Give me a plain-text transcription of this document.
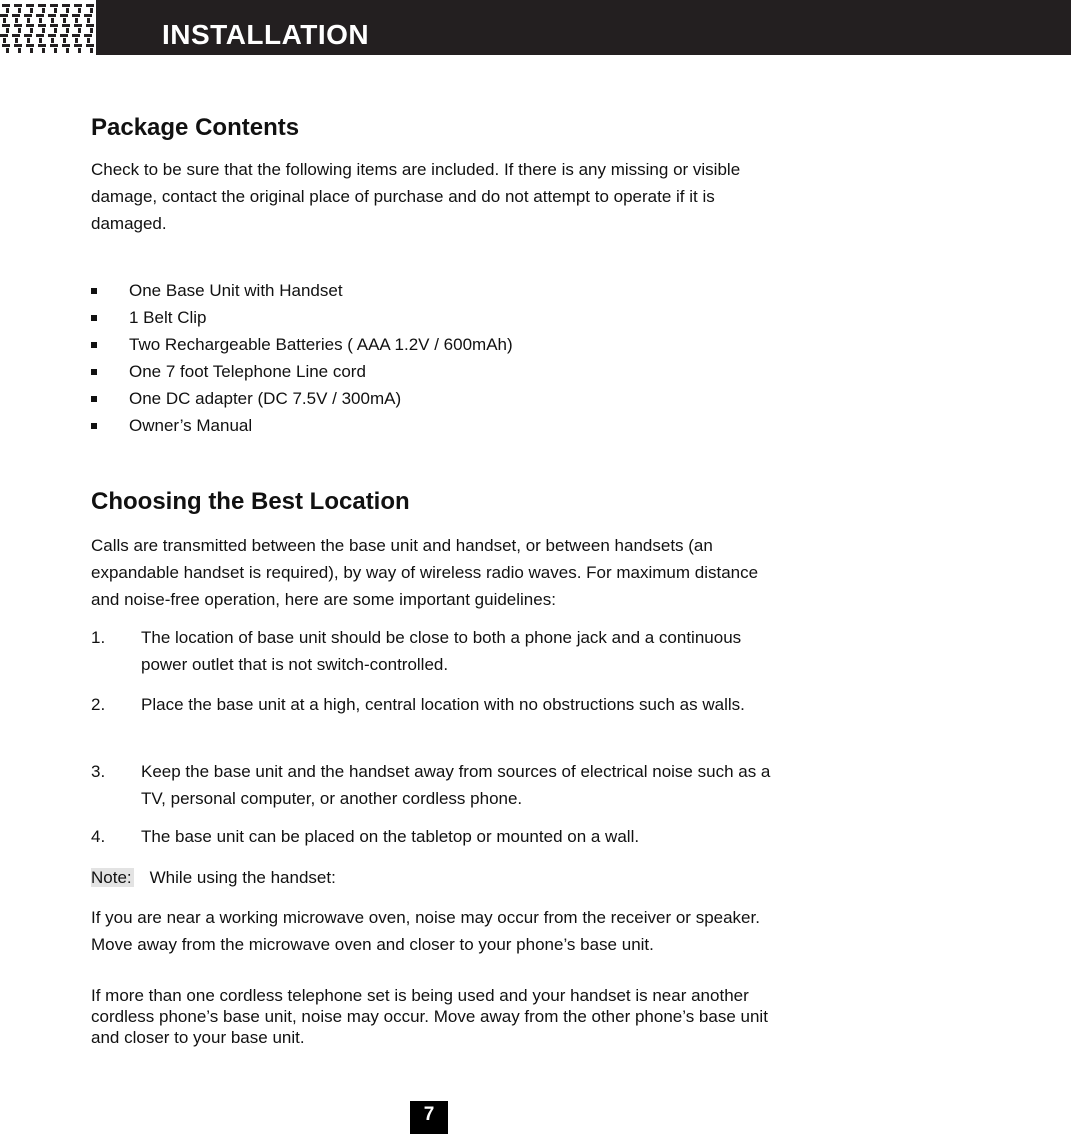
INSTALLATION
Package Contents
Check to be sure that the following items are included. If there is any missing or visible damage, contact the original place of purchase and do not attempt to operate if it is damaged.
One Base Unit with Handset
1 Belt Clip
Two Rechargeable Batteries ( AAA 1.2V / 600mAh)
One 7 foot Telephone Line cord
One DC adapter (DC 7.5V / 300mA)
Owner’s Manual
Choosing the Best Location
Calls are transmitted between the base unit and handset, or between handsets (an expandable handset is required), by way of wireless radio waves. For maximum distance and noise-free operation, here are some important guidelines:
1. The location of base unit should be close to both a phone jack and a continuous power outlet that is not switch-controlled.
2. Place the base unit at a high, central location with no obstructions such as walls.
3. Keep the base unit and the handset away from sources of electrical noise such as a TV, personal computer, or another cordless phone.
4. The base unit can be placed on the tabletop or mounted on a wall.
Note: While using the handset:
If you are near a working microwave oven, noise may occur from the receiver or speaker. Move away from the microwave oven and closer to your phone’s base unit.
If more than one cordless telephone set is being used and your handset is near another cordless phone’s base unit, noise may occur. Move away from the other phone’s base unit and closer to your base unit.
7
